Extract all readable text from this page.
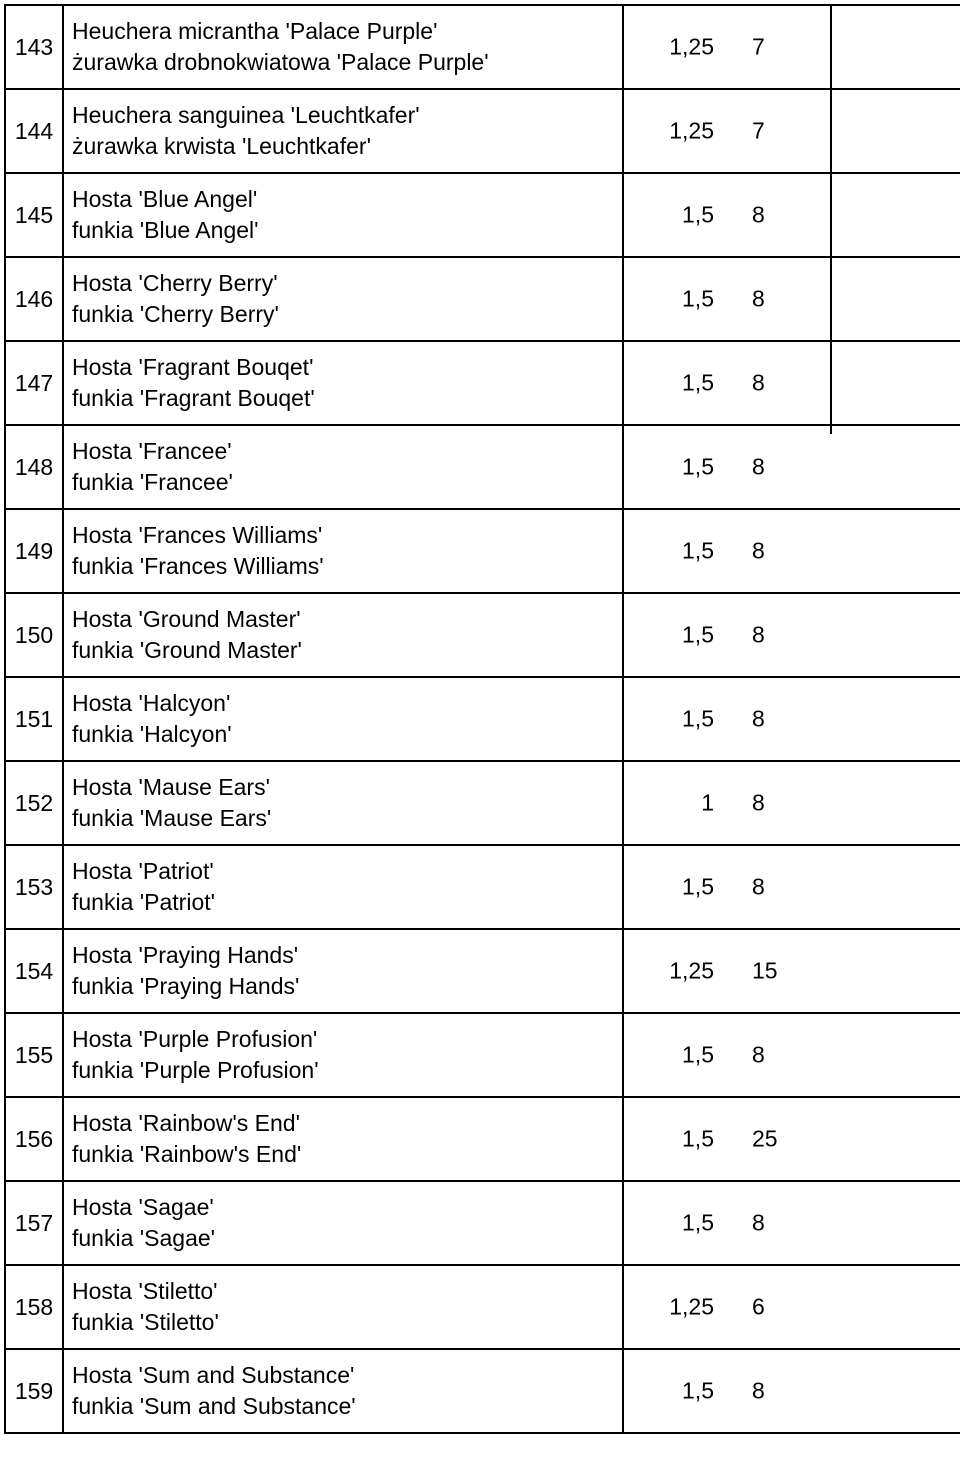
143	Heuchera micrantha 'Palace Purple'
żurawka drobnokwiatowa 'Palace Purple'	1,25 7	

144	Heuchera sanguinea 'Leuchtkafer'
żurawka krwista 'Leuchtkafer'	1,25 7	

145	Hosta 'Blue Angel'
funkia 'Blue Angel'	1,5 8	

146	Hosta 'Cherry Berry'
funkia 'Cherry Berry'	1,5 8	

147	Hosta 'Fragrant Bouqet'
funkia 'Fragrant Bouqet'	1,5 8	

148	Hosta 'Francee'
funkia 'Francee'	1,5 8	

149	Hosta 'Frances Williams'
funkia 'Frances Williams'	1,5 8	

150	Hosta 'Ground Master'
funkia 'Ground Master'	1,5 8	

151	Hosta 'Halcyon'
funkia 'Halcyon'	1,5 8	

152	Hosta 'Mause Ears'
funkia 'Mause Ears'	1 8	

153	Hosta 'Patriot'
funkia 'Patriot'	1,5 8	

154	Hosta 'Praying Hands'
funkia 'Praying Hands'	1,25 15	

155	Hosta 'Purple Profusion'
funkia 'Purple Profusion'	1,5 8	

156	Hosta 'Rainbow's End'
funkia 'Rainbow's End'	1,5 25	

157	Hosta 'Sagae'
funkia 'Sagae'	1,5 8	

158	Hosta 'Stiletto'
funkia 'Stiletto'	1,25 6	

159	Hosta 'Sum and Substance'
funkia 'Sum and Substance'	1,5 8	
